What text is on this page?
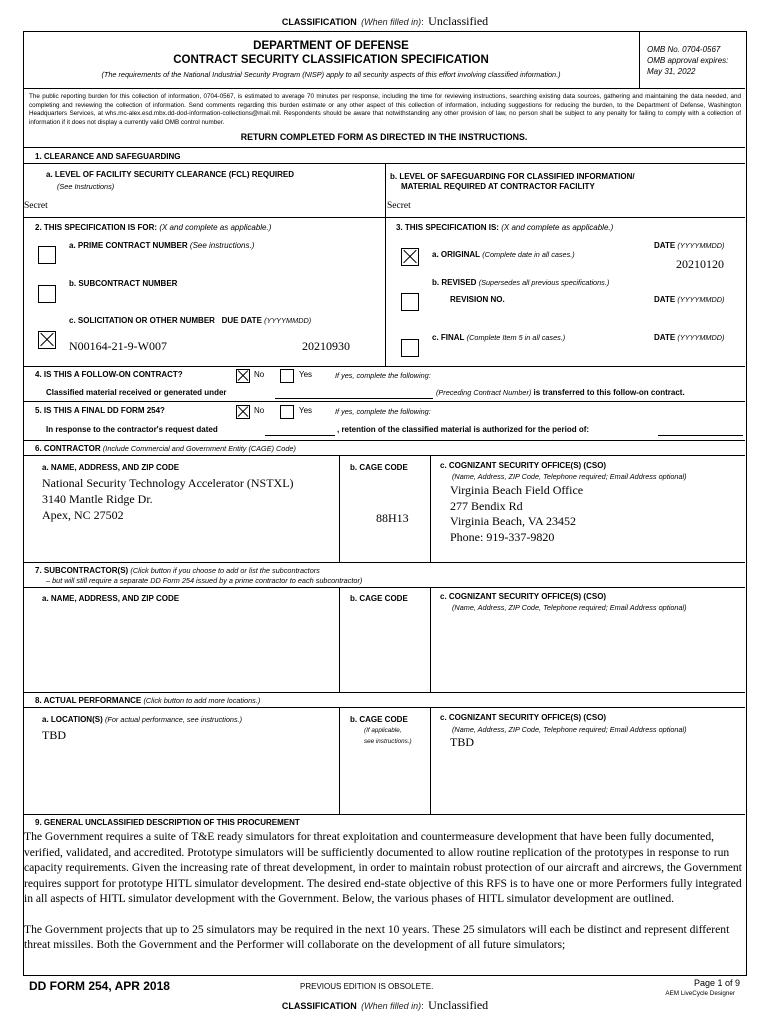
CLASSIFICATION (When filled in): Unclassified
DEPARTMENT OF DEFENSE
CONTRACT SECURITY CLASSIFICATION SPECIFICATION
(The requirements of the National Industrial Security Program (NISP) apply to all security aspects of this effort involving classified information.)
OMB No. 0704-0567
OMB approval expires:
May 31, 2022
The public reporting burden for this collection of information, 0704-0567, is estimated to average 70 minutes per response, including the time for reviewing instructions, searching existing data sources, gathering and maintaining the data needed, and completing and reviewing the collection of information. Send comments regarding this burden estimate or any other aspect of this collection of information, including suggestions for reducing the burden, to the Department of Defense, Washington Headquarters Services, at whs.mc-alex.esd.mbx.dd-dod-information-collections@mail.mil. Respondents should be aware that notwithstanding any other provision of law, no person shall be subject to any penalty for failing to comply with a collection of information if it does not display a currently valid OMB control number.
RETURN COMPLETED FORM AS DIRECTED IN THE INSTRUCTIONS.
1. CLEARANCE AND SAFEGUARDING
a. LEVEL OF FACILITY SECURITY CLEARANCE (FCL) REQUIRED
(See Instructions)
b. LEVEL OF SAFEGUARDING FOR CLASSIFIED INFORMATION/
MATERIAL REQUIRED AT CONTRACTOR FACILITY
Secret	Secret
2. THIS SPECIFICATION IS FOR: (X and complete as applicable.)
a. PRIME CONTRACT NUMBER (See instructions.)
b. SUBCONTRACT NUMBER
c. SOLICITATION OR OTHER NUMBER DUE DATE (YYYYMMDD)
N00164-21-9-W007	20210930
3. THIS SPECIFICATION IS: (X and complete as applicable.)
DATE (YYYYMMDD)
a. ORIGINAL (Complete date in all cases.)
20210120
b. REVISED (Supersedes all previous specifications.)
REVISION NO.	DATE (YYYYMMDD)
c. FINAL (Complete Item 5 in all cases.)	DATE (YYYYMMDD)
4. IS THIS A FOLLOW-ON CONTRACT?	No	Yes	If yes, complete the following:
Classified material received or generated under	(Preceding Contract Number) is transferred to this follow-on contract.
5. IS THIS A FINAL DD FORM 254?	No	Yes	If yes, complete the following:
In response to the contractor's request dated	, retention of the classified material is authorized for the period of:
6. CONTRACTOR (Include Commercial and Government Entity (CAGE) Code)
a. NAME, ADDRESS, AND ZIP CODE	b. CAGE CODE	c. COGNIZANT SECURITY OFFICE(S) (CSO)
(Name, Address, ZIP Code, Telephone required; Email Address optional)
National Security Technology Accelerator (NSTXL)
3140 Mantle Ridge Dr.
Apex, NC 27502	88H13
Virginia Beach Field Office
277 Bendix Rd
Virginia Beach, VA 23452
Phone: 919-337-9820
7. SUBCONTRACTOR(S) (Click button if you choose to add or list the subcontractors
– but will still require a separate DD Form 254 issued by a prime contractor to each subcontractor)
a. NAME, ADDRESS, AND ZIP CODE	b. CAGE CODE	c. COGNIZANT SECURITY OFFICE(S) (CSO)
(Name, Address, ZIP Code, Telephone required; Email Address optional)
8. ACTUAL PERFORMANCE (Click button to add more locations.)
a. LOCATION(S) (For actual performance, see instructions.)
TBD
b. CAGE CODE
(If applicable,
see instructions.)
c. COGNIZANT SECURITY OFFICE(S) (CSO)
(Name, Address, ZIP Code, Telephone required; Email Address optional)
TBD
9. GENERAL UNCLASSIFIED DESCRIPTION OF THIS PROCUREMENT
The Government requires a suite of T&E ready simulators for threat exploitation and countermeasure development that have been fully documented, verified, validated, and accredited. Prototype simulators will be sufficiently documented to allow routine replication of the prototypes in response to run capacity requirements. Given the increasing rate of threat development, in order to maintain robust protection of our aircraft and aircrews, the Government requires support for prototype HITL simulator development. The desired end-state objective of this RFS is to have one or more Performers fully integrated in all aspects of HITL simulator development with the Government. Below, the various phases of HITL simulator development are outlined.
The Government projects that up to 25 simulators may be required in the next 10 years. These 25 simulators will each be distinct and represent different threat missiles. Both the Government and the Performer will collaborate on the development of all future simulators;
DD FORM 254, APR 2018	PREVIOUS EDITION IS OBSOLETE.	Page 1 of 9
AEM LiveCycle Designer
CLASSIFICATION (When filled in): Unclassified
